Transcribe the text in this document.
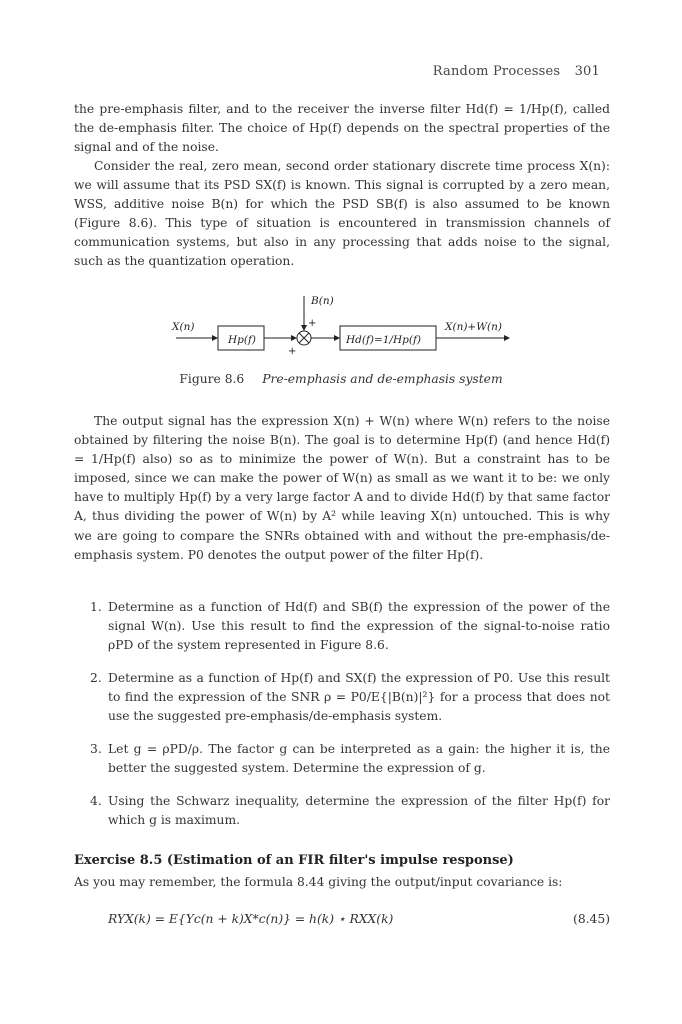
Random Processes 301
the pre-emphasis filter, and to the receiver the inverse filter Hd(f) = 1/Hp(f), called the de-emphasis filter. The choice of Hp(f) depends on the spectral properties of the signal and of the noise.
Consider the real, zero mean, second order stationary discrete time process X(n): we will assume that its PSD SX(f) is known. This signal is corrupted by a zero mean, WSS, additive noise B(n) for which the PSD SB(f) is also assumed to be known (Figure 8.6). This type of situation is encountered in transmission channels of communication systems, but also in any processing that adds noise to the signal, such as the quantization operation.
X(n)
Hp(f)
B(n)
+
+
Hd(f)=1/Hp(f)
X(n)+W(n)
Figure 8.6 Pre-emphasis and de-emphasis system
The output signal has the expression X(n) + W(n) where W(n) refers to the noise obtained by filtering the noise B(n). The goal is to determine Hp(f) (and hence Hd(f) = 1/Hp(f) also) so as to minimize the power of W(n). But a constraint has to be imposed, since we can make the power of W(n) as small as we want it to be: we only have to multiply Hp(f) by a very large factor A and to divide Hd(f) by that same factor A, thus dividing the power of W(n) by A² while leaving X(n) untouched. This is why we are going to compare the SNRs obtained with and without the pre-emphasis/de-emphasis system. P0 denotes the output power of the filter Hp(f).
1. Determine as a function of Hd(f) and SB(f) the expression of the power of the signal W(n). Use this result to find the expression of the signal-to-noise ratio ρPD of the system represented in Figure 8.6.
2. Determine as a function of Hp(f) and SX(f) the expression of P0. Use this result to find the expression of the SNR ρ = P0/E{|B(n)|²} for a process that does not use the suggested pre-emphasis/de-emphasis system.
3. Let g = ρPD/ρ. The factor g can be interpreted as a gain: the higher it is, the better the suggested system. Determine the expression of g.
4. Using the Schwarz inequality, determine the expression of the filter Hp(f) for which g is maximum.
Exercise 8.5 (Estimation of an FIR filter's impulse response)
As you may remember, the formula 8.44 giving the output/input covariance is:
RYX(k) = E{Yc(n + k)X*c(n)} = h(k) ⋆ RXX(k)	(8.45)
